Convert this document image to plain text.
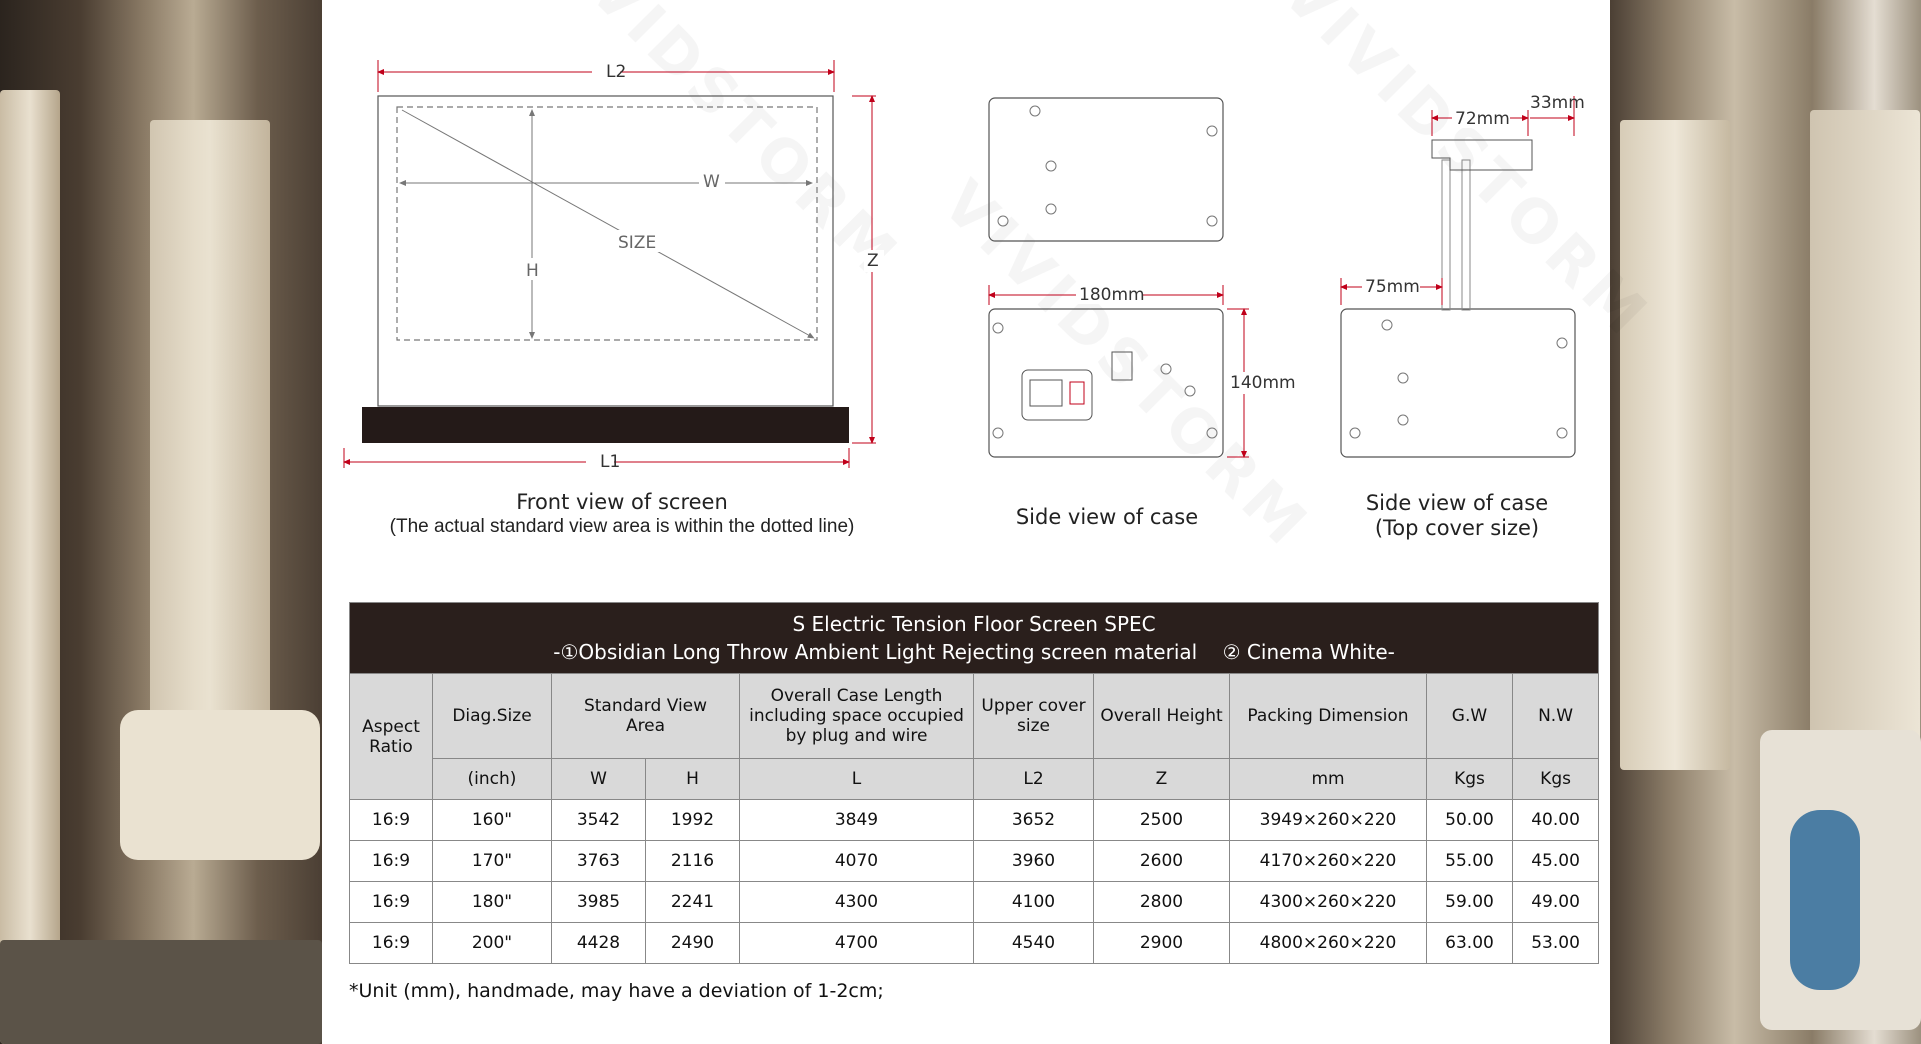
L2
L1
Z
W
H
SIZE
180mm
140mm
72mm
33mm
75mm
Front view of screen
(The actual standard view area is within the dotted line)	Side view of case
Side view of case
(Top cover size)
S Electric Tension Floor Screen SPEC
-①Obsidian Long Throw Ambient Light Rejecting screen material    ② Cinema White-									

Aspect Ratio	Diag.Size	Standard View Area		Overall Case Length including space occupied by plug and wire	Upper cover size	Overall Height	Packing Dimension	G.W	N.W
	(inch)	W	H	L	L2	Z	mm	Kgs	Kgs
16:9	160"	3542	1992	3849	3652	2500	3949×260×220	50.00	40.00
16:9	170"	3763	2116	4070	3960	2600	4170×260×220	55.00	45.00
16:9	180"	3985	2241	4300	4100	2800	4300×260×220	59.00	49.00
16:9	200"	4428	2490	4700	4540	2900	4800×260×220	63.00	53.00
*Unit (mm), handmade, may have a deviation of 1-2cm;
